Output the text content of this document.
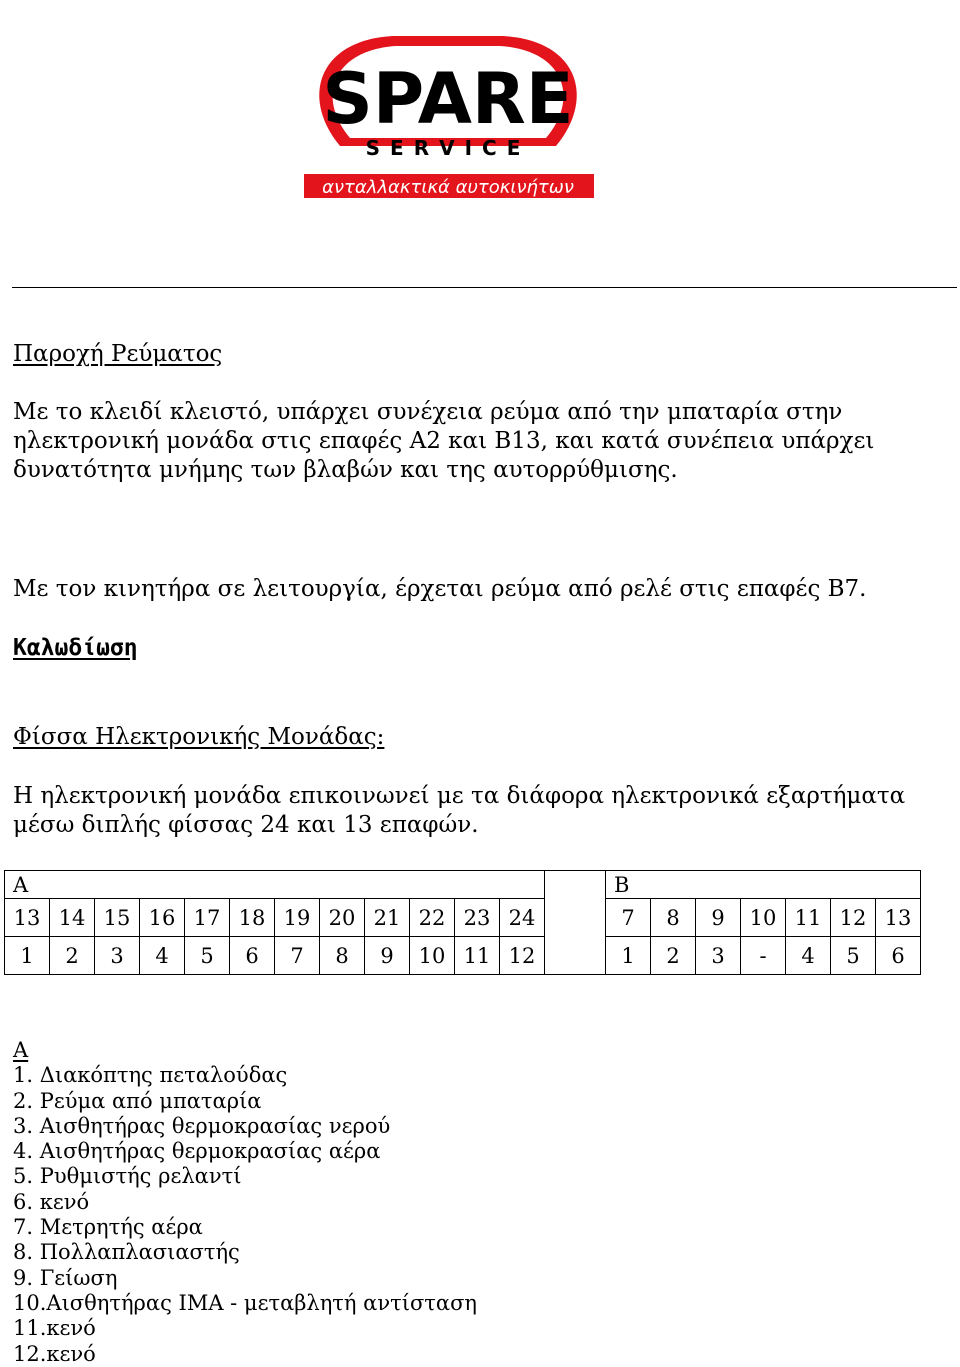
SPARE
SERVICE
ανταλλακτικά αυτοκινήτων
Παροχή Ρεύματος
Με το κλειδί κλειστό, υπάρχει συνέχεια ρεύμα από την μπαταρία στην
ηλεκτρονική μονάδα στις επαφές Α2 και Β13, και κατά συνέπεια υπάρχει
δυνατότητα μνήμης των βλαβών και της αυτορρύθμισης.
Με τον κινητήρα σε λειτουργία, έρχεται ρεύμα από ρελέ στις επαφές Β7.
Καλωδίωση
Φίσσα Ηλεκτρονικής Μονάδας:
Η ηλεκτρονική μονάδα επικοινωνεί με τα διάφορα ηλεκτρονικά εξαρτήματα
μέσω διπλής φίσσας 24 και 13 επαφών.
Α													Β						
13	14	15	16	17	18	19	20	21	22	23	24		7	8	9	10	11	12	13
1	2	3	4	5	6	7	8	9	10	11	12		1	2	3	-	4	5	6
Α
1. Διακόπτης πεταλούδας
2. Ρεύμα από μπαταρία
3. Αισθητήρας θερμοκρασίας νερού
4. Αισθητήρας θερμοκρασίας αέρα
5. Ρυθμιστής ρελαντί
6. κενό
7. Μετρητής αέρα
8. Πολλαπλασιαστής
9. Γείωση
10.Αισθητήρας ΙΜΑ - μεταβλητή αντίσταση
11.κενό
12.κενό
